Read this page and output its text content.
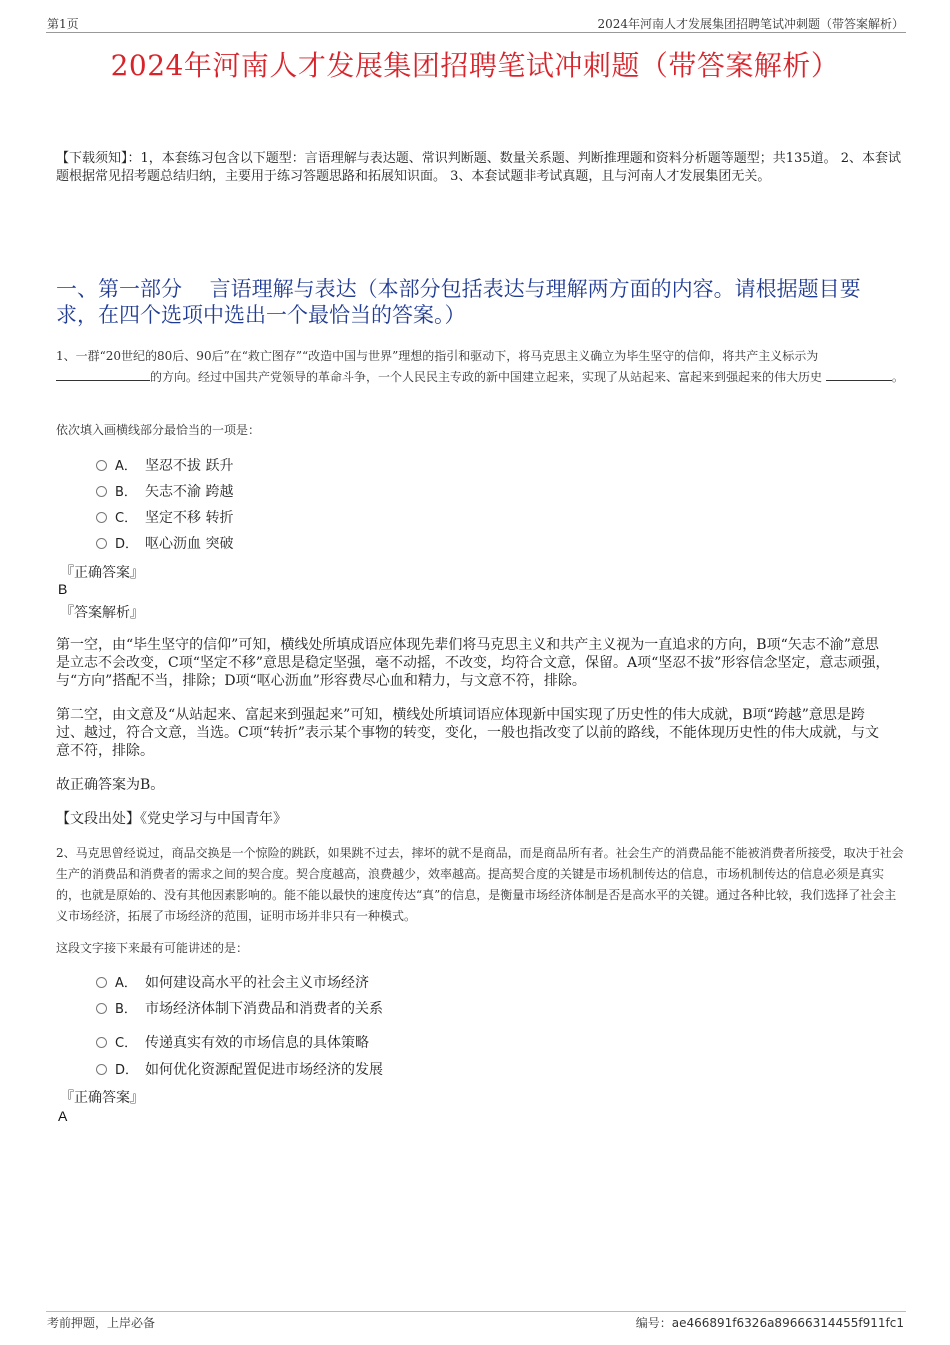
第1页	2024年河南人才发展集团招聘笔试冲刺题（带答案解析）
2024年河南人才发展集团招聘笔试冲刺题（带答案解析）
【下载须知】：1，本套练习包含以下题型：言语理解与表达题、常识判断题、数量关系题、判断推理题和资料分析题等题型；共135道。 2、本套试题根据常见招考题总结归纳，主要用于练习答题思路和拓展知识面。 3、本套试题非考试真题，且与河南人才发展集团无关。
一、第一部分　 言语理解与表达（本部分包括表达与理解两方面的内容。请根据题目要求，在四个选项中选出一个最恰当的答案。）
1、一群“20世纪的80后、90后”在“救亡图存”“改造中国与世界”理想的指引和驱动下，将马克思主义确立为毕生坚守的信仰，将共产主义标示为
的方向。经过中国共产党领导的革命斗争，一个人民民主专政的新中国建立起来，实现了从站起来、富起来到强起来的伟大历史	。
依次填入画横线部分最恰当的一项是：
A． 坚忍不拔 跃升
B． 矢志不渝 跨越
C． 坚定不移 转折
D． 呕心沥血 突破
『正确答案』
B
『答案解析』
第一空，由“毕生坚守的信仰”可知，横线处所填成语应体现先辈们将马克思主义和共产主义视为一直追求的方向，B项“矢志不渝”意思是立志不会改变，C项“坚定不移”意思是稳定坚强，毫不动摇，不改变，均符合文意，保留。A项“坚忍不拔”形容信念坚定，意志顽强，与“方向”搭配不当，排除；D项“呕心沥血”形容费尽心血和精力，与文意不符，排除。
第二空，由文意及“从站起来、富起来到强起来”可知，横线处所填词语应体现新中国实现了历史性的伟大成就，B项“跨越”意思是跨过、越过，符合文意，当选。C项“转折”表示某个事物的转变，变化，一般也指改变了以前的路线，不能体现历史性的伟大成就，与文意不符，排除。
故正确答案为B。
【文段出处】《党史学习与中国青年》
2、马克思曾经说过，商品交换是一个惊险的跳跃，如果跳不过去，摔坏的就不是商品，而是商品所有者。社会生产的消费品能不能被消费者所接受，取决于社会生产的消费品和消费者的需求之间的契合度。契合度越高，浪费越少，效率越高。提高契合度的关键是市场机制传达的信息，市场机制传达的信息必须是真实的，也就是原始的、没有其他因素影响的。能不能以最快的速度传达“真”的信息，是衡量市场经济体制是否是高水平的关键。通过各种比较，我们选择了社会主义市场经济，拓展了市场经济的范围，证明市场并非只有一种模式。
这段文字接下来最有可能讲述的是：
A． 如何建设高水平的社会主义市场经济
B． 市场经济体制下消费品和消费者的关系
C． 传递真实有效的市场信息的具体策略
D． 如何优化资源配置促进市场经济的发展
『正确答案』
A
考前押题，上岸必备	编号：ae466891f6326a89666314455f911fc1
